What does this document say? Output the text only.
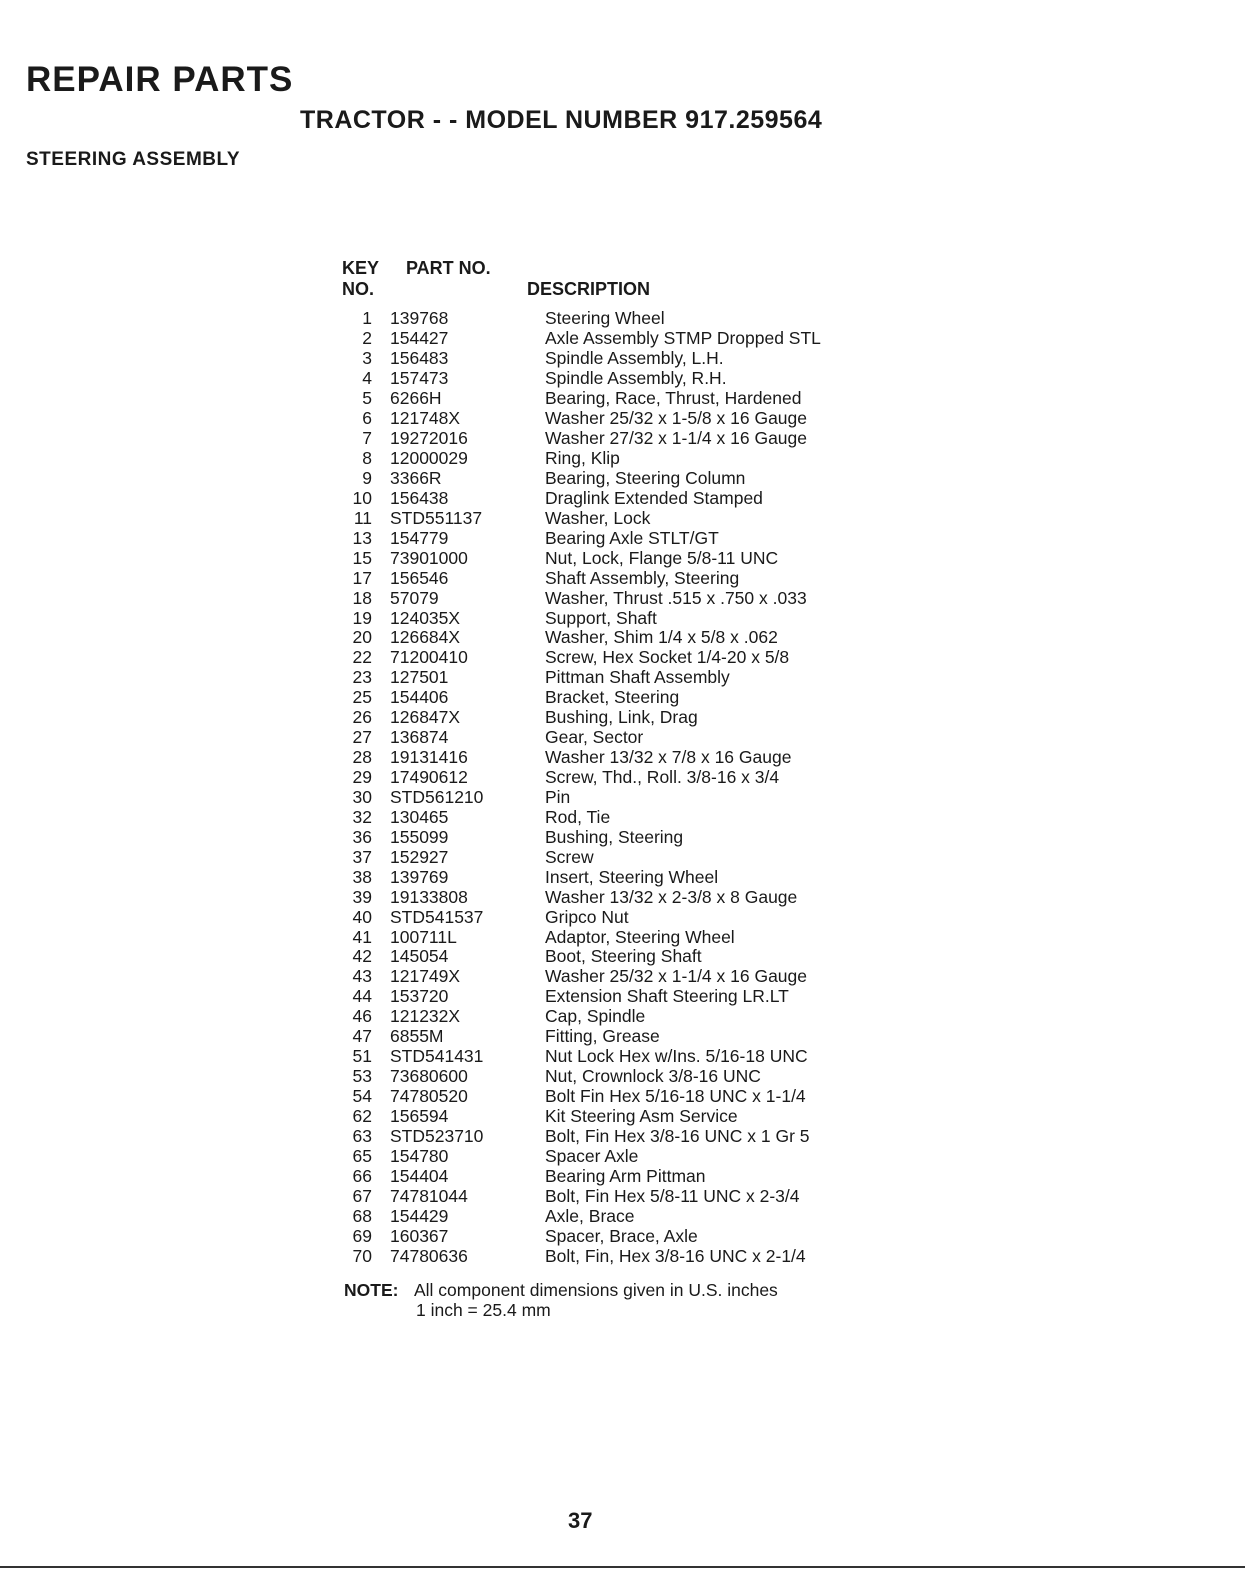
REPAIR PARTS
TRACTOR - - MODEL NUMBER 917.259564
STEERING ASSEMBLY
KEY NO.
PART NO.
DESCRIPTION
1	139768	Steering Wheel
2	154427	Axle Assembly STMP Dropped STL
3	156483	Spindle Assembly, L.H.
4	157473	Spindle Assembly, R.H.
5	6266H	Bearing, Race, Thrust, Hardened
6	121748X	Washer 25/32 x 1-5/8 x 16 Gauge
7	19272016	Washer 27/32 x 1-1/4 x 16 Gauge
8	12000029	Ring, Klip
9	3366R	Bearing, Steering Column
10	156438	Draglink Extended Stamped
11	STD551137	Washer, Lock
13	154779	Bearing Axle STLT/GT
15	73901000	Nut, Lock, Flange 5/8-11 UNC
17	156546	Shaft Assembly, Steering
18	57079	Washer, Thrust .515 x .750 x .033
19	124035X	Support, Shaft
20	126684X	Washer, Shim 1/4 x 5/8 x .062
22	71200410	Screw, Hex Socket 1/4-20 x 5/8
23	127501	Pittman Shaft Assembly
25	154406	Bracket, Steering
26	126847X	Bushing, Link, Drag
27	136874	Gear, Sector
28	19131416	Washer 13/32 x 7/8 x 16 Gauge
29	17490612	Screw, Thd., Roll. 3/8-16 x 3/4
30	STD561210	Pin
32	130465	Rod, Tie
36	155099	Bushing, Steering
37	152927	Screw
38	139769	Insert, Steering Wheel
39	19133808	Washer 13/32 x 2-3/8 x 8 Gauge
40	STD541537	Gripco Nut
41	100711L	Adaptor, Steering Wheel
42	145054	Boot, Steering Shaft
43	121749X	Washer 25/32 x 1-1/4 x 16 Gauge
44	153720	Extension Shaft Steering LR.LT
46	121232X	Cap, Spindle
47	6855M	Fitting, Grease
51	STD541431	Nut Lock Hex w/Ins. 5/16-18 UNC
53	73680600	Nut, Crownlock 3/8-16 UNC
54	74780520	Bolt Fin Hex 5/16-18 UNC x 1-1/4
62	156594	Kit Steering Asm Service
63	STD523710	Bolt, Fin Hex 3/8-16 UNC x 1 Gr 5
65	154780	Spacer Axle
66	154404	Bearing Arm Pittman
67	74781044	Bolt, Fin Hex 5/8-11 UNC x 2-3/4
68	154429	Axle, Brace
69	160367	Spacer, Brace, Axle
70	74780636	Bolt, Fin, Hex 3/8-16 UNC x 2-1/4
NOTE: All component dimensions given in U.S. inches
1 inch = 25.4 mm
37
